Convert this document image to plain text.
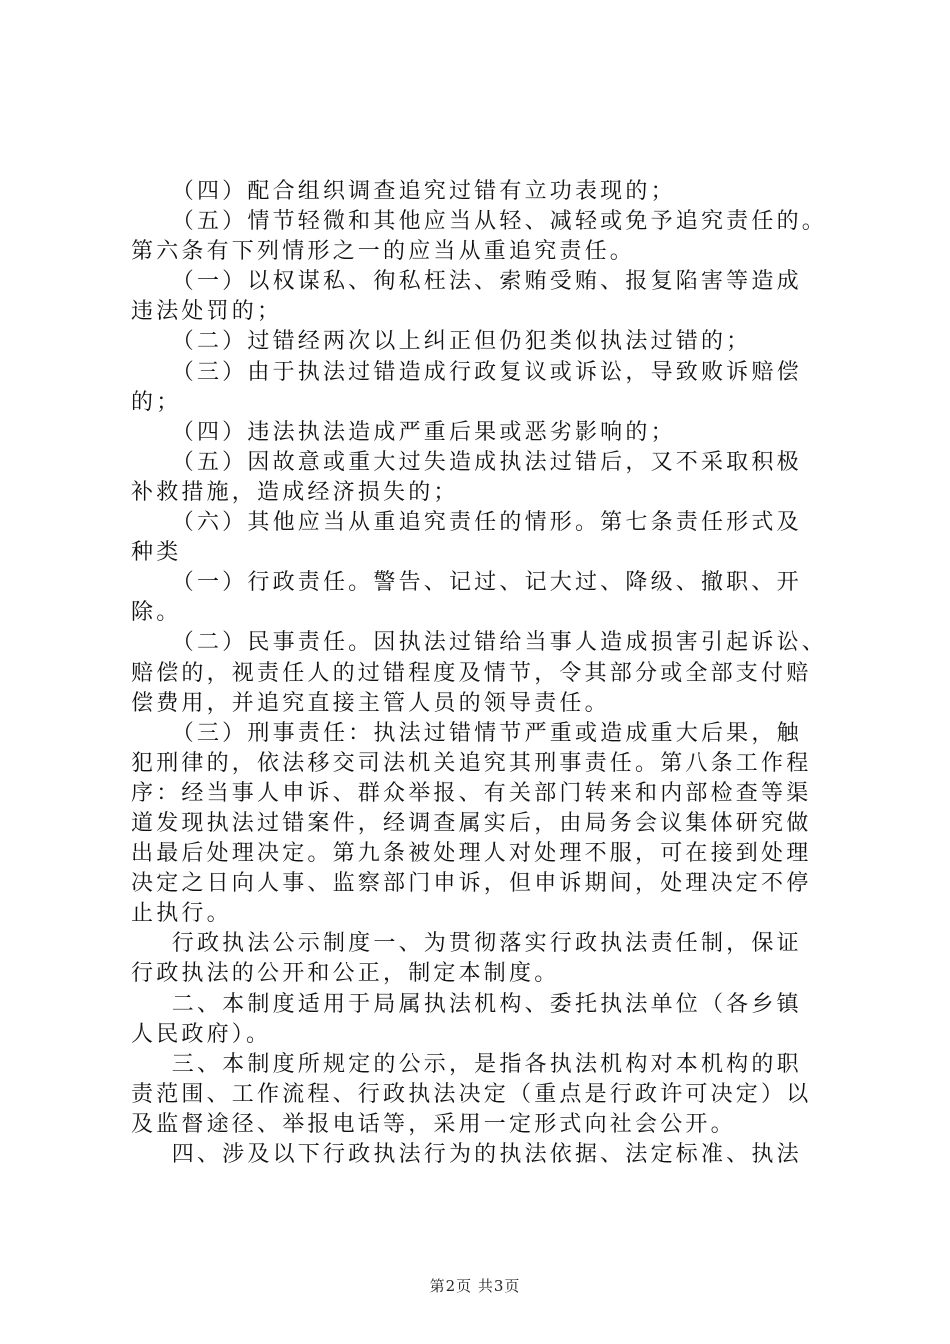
（四）配合组织调查追究过错有立功表现的；
（五）情节轻微和其他应当从轻、减轻或免予追究责任的。
第六条有下列情形之一的应当从重追究责任。
（一）以权谋私、徇私枉法、索贿受贿、报复陷害等造成
违法处罚的；
（二）过错经两次以上纠正但仍犯类似执法过错的；
（三）由于执法过错造成行政复议或诉讼，导致败诉赔偿
的；
（四）违法执法造成严重后果或恶劣影响的；
（五）因故意或重大过失造成执法过错后，又不采取积极
补救措施，造成经济损失的；
（六）其他应当从重追究责任的情形。第七条责任形式及
种类
（一）行政责任。警告、记过、记大过、降级、撤职、开
除。
（二）民事责任。因执法过错给当事人造成损害引起诉讼、
赔偿的，视责任人的过错程度及情节，令其部分或全部支付赔
偿费用，并追究直接主管人员的领导责任。
（三）刑事责任：执法过错情节严重或造成重大后果，触
犯刑律的，依法移交司法机关追究其刑事责任。第八条工作程
序：经当事人申诉、群众举报、有关部门转来和内部检查等渠
道发现执法过错案件，经调查属实后，由局务会议集体研究做
出最后处理决定。第九条被处理人对处理不服，可在接到处理
决定之日向人事、监察部门申诉，但申诉期间，处理决定不停
止执行。
行政执法公示制度一、为贯彻落实行政执法责任制，保证
行政执法的公开和公正，制定本制度。
二、本制度适用于局属执法机构、委托执法单位（各乡镇
人民政府）。
三、本制度所规定的公示，是指各执法机构对本机构的职
责范围、工作流程、行政执法决定（重点是行政许可决定）以
及监督途径、举报电话等，采用一定形式向社会公开。
四、涉及以下行政执法行为的执法依据、法定标准、执法
第2页 共3页
